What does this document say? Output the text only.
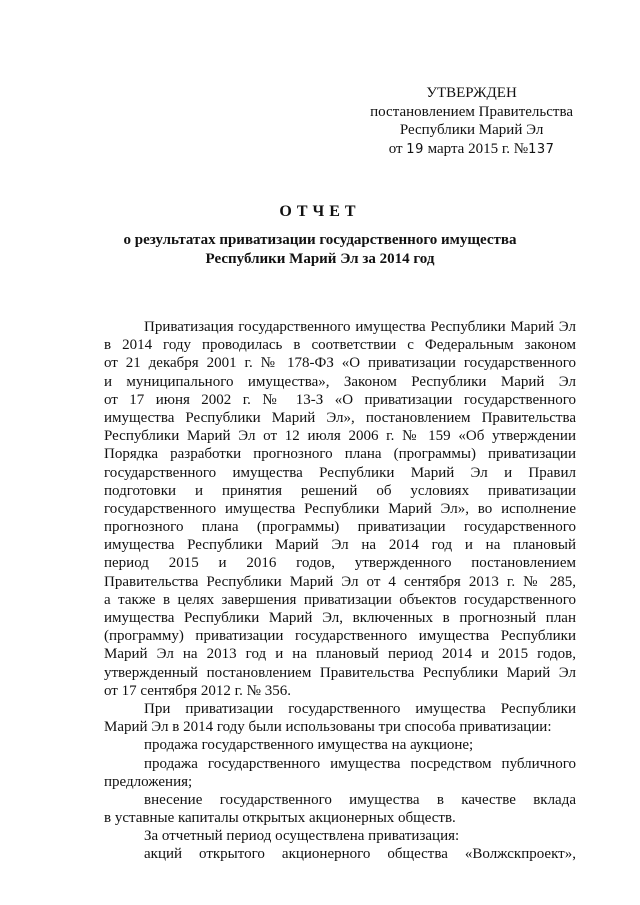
УТВЕРЖДЕН
постановлением Правительства
Республики Марий Эл
от 19 марта 2015 г. №137
ОТЧЕТ
о результатах приватизации государственного имущества
Республики Марий Эл за 2014 год
Приватизация государственного имущества Республики Марий Эл
в 2014 году проводилась в соответствии с Федеральным законом
от 21 декабря 2001 г. № 178-ФЗ «О приватизации государственного
и муниципального имущества», Законом Республики Марий Эл
от 17 июня 2002 г. № 13-З «О приватизации государственного
имущества Республики Марий Эл», постановлением Правительства
Республики Марий Эл от 12 июля 2006 г. № 159 «Об утверждении
Порядка разработки прогнозного плана (программы) приватизации
государственного имущества Республики Марий Эл и Правил
подготовки и принятия решений об условиях приватизации
государственного имущества Республики Марий Эл», во исполнение
прогнозного плана (программы) приватизации государственного
имущества Республики Марий Эл на 2014 год и на плановый
период 2015 и 2016 годов, утвержденного постановлением
Правительства Республики Марий Эл от 4 сентября 2013 г. № 285,
а также в целях завершения приватизации объектов государственного
имущества Республики Марий Эл, включенных в прогнозный план
(программу) приватизации государственного имущества Республики
Марий Эл на 2013 год и на плановый период 2014 и 2015 годов,
утвержденный постановлением Правительства Республики Марий Эл
от 17 сентября 2012 г. № 356.
При приватизации государственного имущества Республики
Марий Эл в 2014 году были использованы три способа приватизации:
продажа государственного имущества на аукционе;
продажа государственного имущества посредством публичного
предложения;
внесение государственного имущества в качестве вклада
в уставные капиталы открытых акционерных обществ.
За отчетный период осуществлена приватизация:
акций открытого акционерного общества «Волжскпроект»,
